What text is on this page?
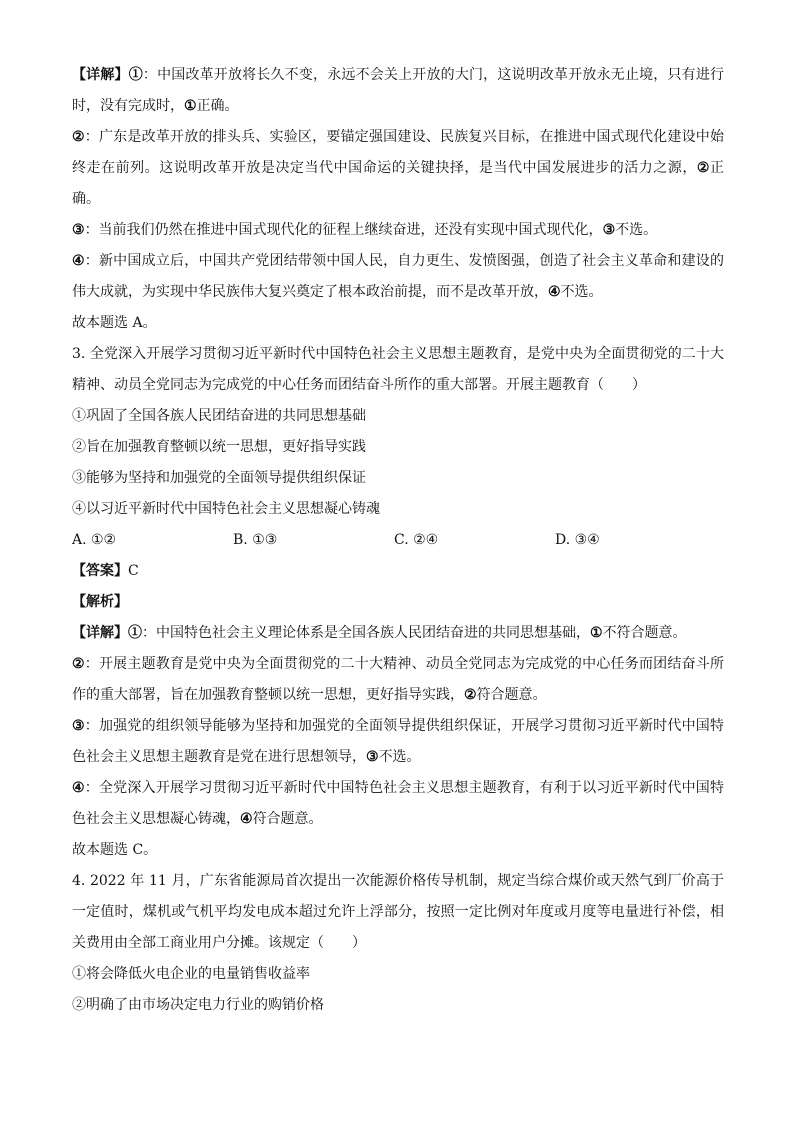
【详解】①：中国改革开放将长久不变，永远不会关上开放的大门，这说明改革开放永无止境，只有进行时，没有完成时，①正确。

②：广东是改革开放的排头兵、实验区，要锚定强国建设、民族复兴目标，在推进中国式现代化建设中始终走在前列。这说明改革开放是决定当代中国命运的关键抉择，是当代中国发展进步的活力之源，②正确。

③：当前我们仍然在推进中国式现代化的征程上继续奋进，还没有实现中国式现代化，③不选。

④：新中国成立后，中国共产党团结带领中国人民，自力更生、发愤图强，创造了社会主义革命和建设的伟大成就，为实现中华民族伟大复兴奠定了根本政治前提，而不是改革开放，④不选。

故本题选 A。

3. 全党深入开展学习贯彻习近平新时代中国特色社会主义思想主题教育，是党中央为全面贯彻党的二十大精神、动员全党同志为完成党的中心任务而团结奋斗所作的重大部署。开展主题教育（　　）

①巩固了全国各族人民团结奋进的共同思想基础

②旨在加强教育整顿以统一思想，更好指导实践

③能够为坚持和加强党的全面领导提供组织保证

④以习近平新时代中国特色社会主义思想凝心铸魂

A. ①②	B. ①③	C. ②④	D. ③④

【答案】C

【解析】

【详解】①：中国特色社会主义理论体系是全国各族人民团结奋进的共同思想基础，①不符合题意。

②：开展主题教育是党中央为全面贯彻党的二十大精神、动员全党同志为完成党的中心任务而团结奋斗所作的重大部署，旨在加强教育整顿以统一思想，更好指导实践，②符合题意。

③：加强党的组织领导能够为坚持和加强党的全面领导提供组织保证，开展学习贯彻习近平新时代中国特色社会主义思想主题教育是党在进行思想领导，③不选。

④：全党深入开展学习贯彻习近平新时代中国特色社会主义思想主题教育，有利于以习近平新时代中国特色社会主义思想凝心铸魂，④符合题意。

故本题选 C。

4. 2022 年 11 月，广东省能源局首次提出一次能源价格传导机制，规定当综合煤价或天然气到厂价高于一定值时，煤机或气机平均发电成本超过允许上浮部分，按照一定比例对年度或月度等电量进行补偿，相关费用由全部工商业用户分摊。该规定（　　）

①将会降低火电企业的电量销售收益率

②明确了由市场决定电力行业的购销价格
